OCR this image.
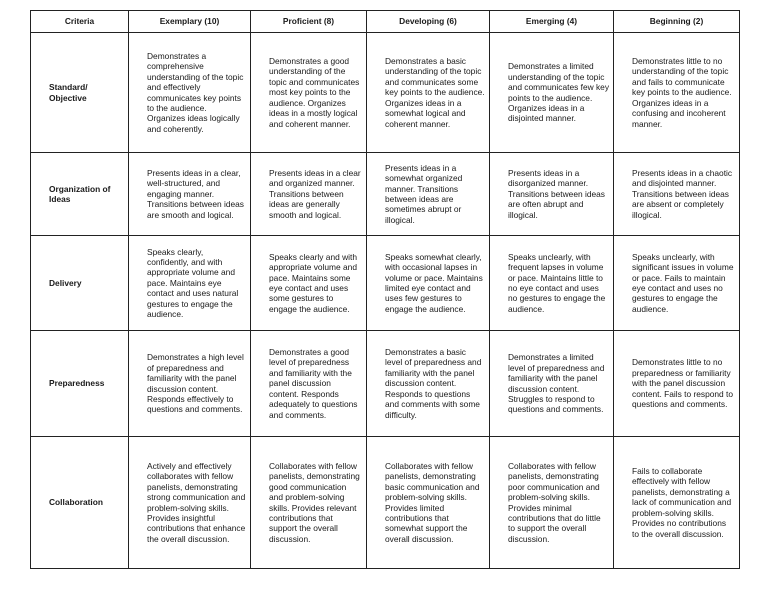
Criteria	Exemplary (10)	Proficient (8)	Developing (6)	Emerging (4)	Beginning (2)
Standard/ Objective	Demonstrates a comprehensive understanding of the topic and effectively communicates key points to the audience. Organizes ideas logically and coherently.	Demonstrates a good understanding of the topic and communicates most key points to the audience. Organizes ideas in a mostly logical and coherent manner.	Demonstrates a basic understanding of the topic and communicates some key points to the audience. Organizes ideas in a somewhat logical and coherent manner.	Demonstrates a limited understanding of the topic and communicates few key points to the audience. Organizes ideas in a disjointed manner.	Demonstrates little to no understanding of the topic and fails to communicate key points to the audience. Organizes ideas in a confusing and incoherent manner.
Organization of Ideas	Presents ideas in a clear, well-structured, and engaging manner. Transitions between ideas are smooth and logical.	Presents ideas in a clear and organized manner. Transitions between ideas are generally smooth and logical.	Presents ideas in a somewhat organized manner. Transitions between ideas are sometimes abrupt or illogical.	Presents ideas in a disorganized manner. Transitions between ideas are often abrupt and illogical.	Presents ideas in a chaotic and disjointed manner. Transitions between ideas are absent or completely illogical.
Delivery	Speaks clearly, confidently, and with appropriate volume and pace. Maintains eye contact and uses natural gestures to engage the audience.	Speaks clearly and with appropriate volume and pace. Maintains some eye contact and uses some gestures to engage the audience.	Speaks somewhat clearly, with occasional lapses in volume or pace. Maintains limited eye contact and uses few gestures to engage the audience.	Speaks unclearly, with frequent lapses in volume or pace. Maintains little to no eye contact and uses no gestures to engage the audience.	Speaks unclearly, with significant issues in volume or pace. Fails to maintain eye contact and uses no gestures to engage the audience.
Preparedness	Demonstrates a high level of preparedness and familiarity with the panel discussion content. Responds effectively to questions and comments.	Demonstrates a good level of preparedness and familiarity with the panel discussion content. Responds adequately to questions and comments.	Demonstrates a basic level of preparedness and familiarity with the panel discussion content. Responds to questions and comments with some difficulty.	Demonstrates a limited level of preparedness and familiarity with the panel discussion content. Struggles to respond to questions and comments.	Demonstrates little to no preparedness or familiarity with the panel discussion content. Fails to respond to questions and comments.
Collaboration	Actively and effectively collaborates with fellow panelists, demonstrating strong communication and problem-solving skills. Provides insightful contributions that enhance the overall discussion.	Collaborates with fellow panelists, demonstrating good communication and problem-solving skills. Provides relevant contributions that support the overall discussion.	Collaborates with fellow panelists, demonstrating basic communication and problem-solving skills. Provides limited contributions that somewhat support the overall discussion.	Collaborates with fellow panelists, demonstrating poor communication and problem-solving skills. Provides minimal contributions that do little to support the overall discussion.	Fails to collaborate effectively with fellow panelists, demonstrating a lack of communication and problem-solving skills. Provides no contributions to the overall discussion.
